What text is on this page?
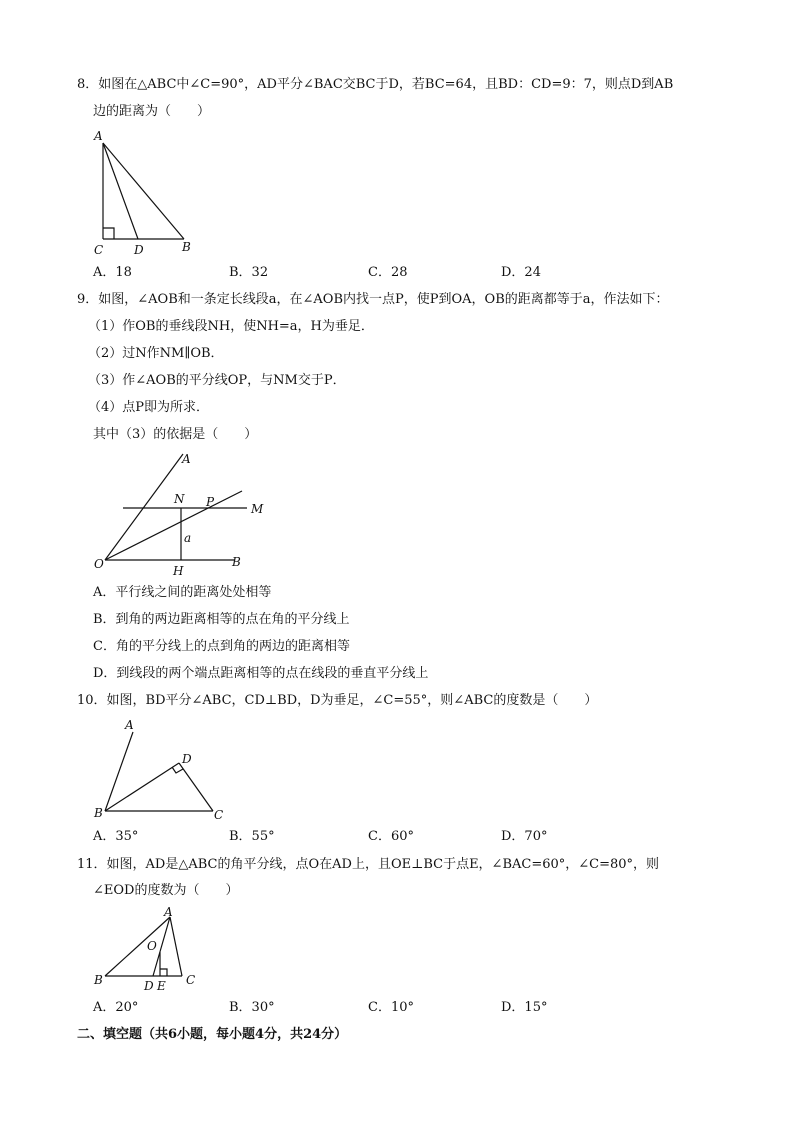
8．如图在△ABC中∠C=90°，AD平分∠BAC交BC于D，若BC=64，且BD：CD=9：7，则点D到AB
边的距离为（　　）
A
C	D	B
A．18	B．32	C．28	D．24
9．如图，∠AOB和一条定长线段a，在∠AOB内找一点P，使P到OA，OB的距离都等于a，作法如下：
（1）作OB的垂线段NH，使NH=a，H为垂足．
（2）过N作NM∥OB．
（3）作∠AOB的平分线OP，与NM交于P．
（4）点P即为所求．
其中（3）的依据是（　　）
A
N P	M
a
O	H
B
A．平行线之间的距离处处相等
B．到角的两边距离相等的点在角的平分线上
C．角的平分线上的点到角的两边的距离相等
D．到线段的两个端点距离相等的点在线段的垂直平分线上
10．如图，BD平分∠ABC，CD⊥BD，D为垂足，∠C=55°，则∠ABC的度数是（　　）
A
D
B	C
A．35°	B．55°	C．60°	D．70°
11．如图，AD是△ABC的角平分线，点O在AD上，且OE⊥BC于点E，∠BAC=60°，∠C=80°，则
∠EOD的度数为（　　）
A
O
B	D E C
A．20°	B．30°	C．10°	D．15°
二、填空题（共6小题，每小题4分，共24分）
